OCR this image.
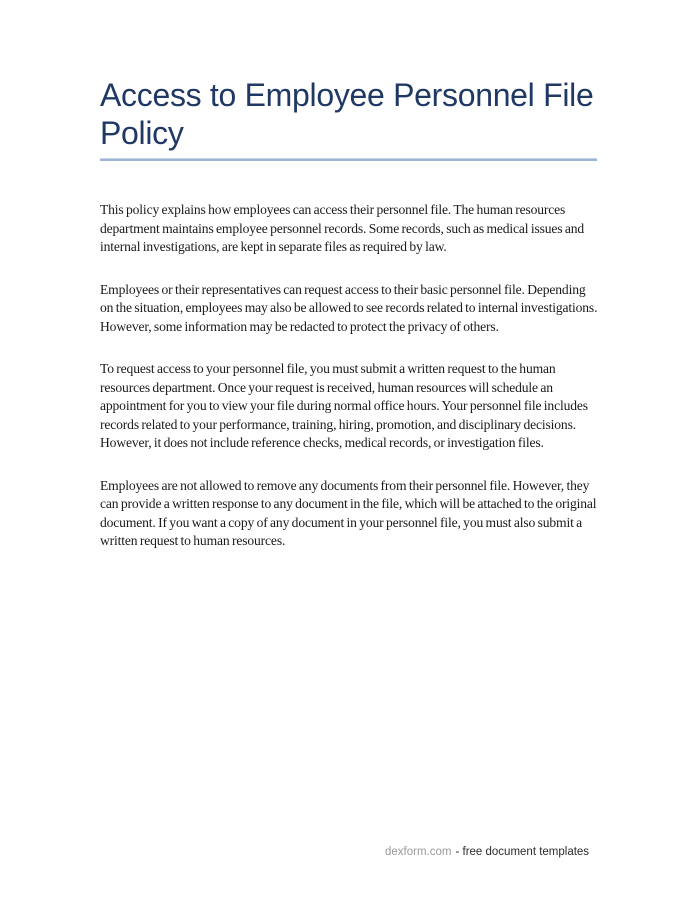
Access to Employee Personnel File Policy

This policy explains how employees can access their personnel file. The human resources department maintains employee personnel records. Some records, such as medical issues and internal investigations, are kept in separate files as required by law.

Employees or their representatives can request access to their basic personnel file. Depending on the situation, employees may also be allowed to see records related to internal investigations. However, some information may be redacted to protect the privacy of others.

To request access to your personnel file, you must submit a written request to the human resources department. Once your request is received, human resources will schedule an appointment for you to view your file during normal office hours. Your personnel file includes records related to your performance, training, hiring, promotion, and disciplinary decisions. However, it does not include reference checks, medical records, or investigation files.

Employees are not allowed to remove any documents from their personnel file. However, they can provide a written response to any document in the file, which will be attached to the original document. If you want a copy of any document in your personnel file, you must also submit a written request to human resources.

dexform.com - free document templates
